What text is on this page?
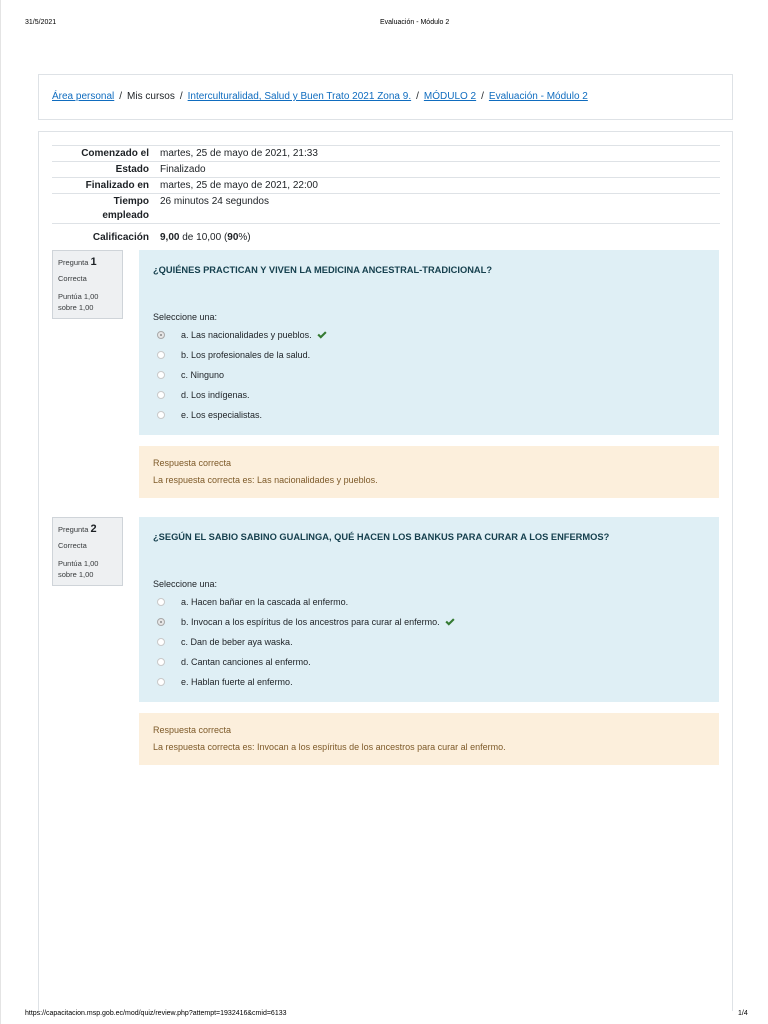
31/5/2021	Evaluación - Módulo 2
Área personal / Mis cursos / Interculturalidad, Salud y Buen Trato 2021 Zona 9. / MÓDULO 2 / Evaluación - Módulo 2
Comenzado el	martes, 25 de mayo de 2021, 21:33
Estado	Finalizado
Finalizado en	martes, 25 de mayo de 2021, 22:00
Tiempo empleado
26 minutos 24 segundos
Calificación	9,00 de 10,00 (90%)
Pregunta 1
Correcta
Puntúa 1,00 sobre 1,00
¿QUIÉNES PRACTICAN Y VIVEN LA MEDICINA ANCESTRAL-TRADICIONAL?
Seleccione una:
a. Las nacionalidades y pueblos.
b. Los profesionales de la salud.
c. Ninguno
d. Los indígenas.
e. Los especialistas.
Respuesta correcta
La respuesta correcta es: Las nacionalidades y pueblos.
Pregunta 2
Correcta
Puntúa 1,00 sobre 1,00
¿SEGÚN EL SABIO SABINO GUALINGA, QUÉ HACEN LOS BANKUS PARA CURAR A LOS ENFERMOS?
Seleccione una:
a. Hacen bañar en la cascada al enfermo.
b. Invocan a los espíritus de los ancestros para curar al enfermo.
c. Dan de beber aya waska.
d. Cantan canciones al enfermo.
e. Hablan fuerte al enfermo.
Respuesta correcta
La respuesta correcta es: Invocan a los espíritus de los ancestros para curar al enfermo.
https://capacitacion.msp.gob.ec/mod/quiz/review.php?attempt=1932416&cmid=6133	1/4
